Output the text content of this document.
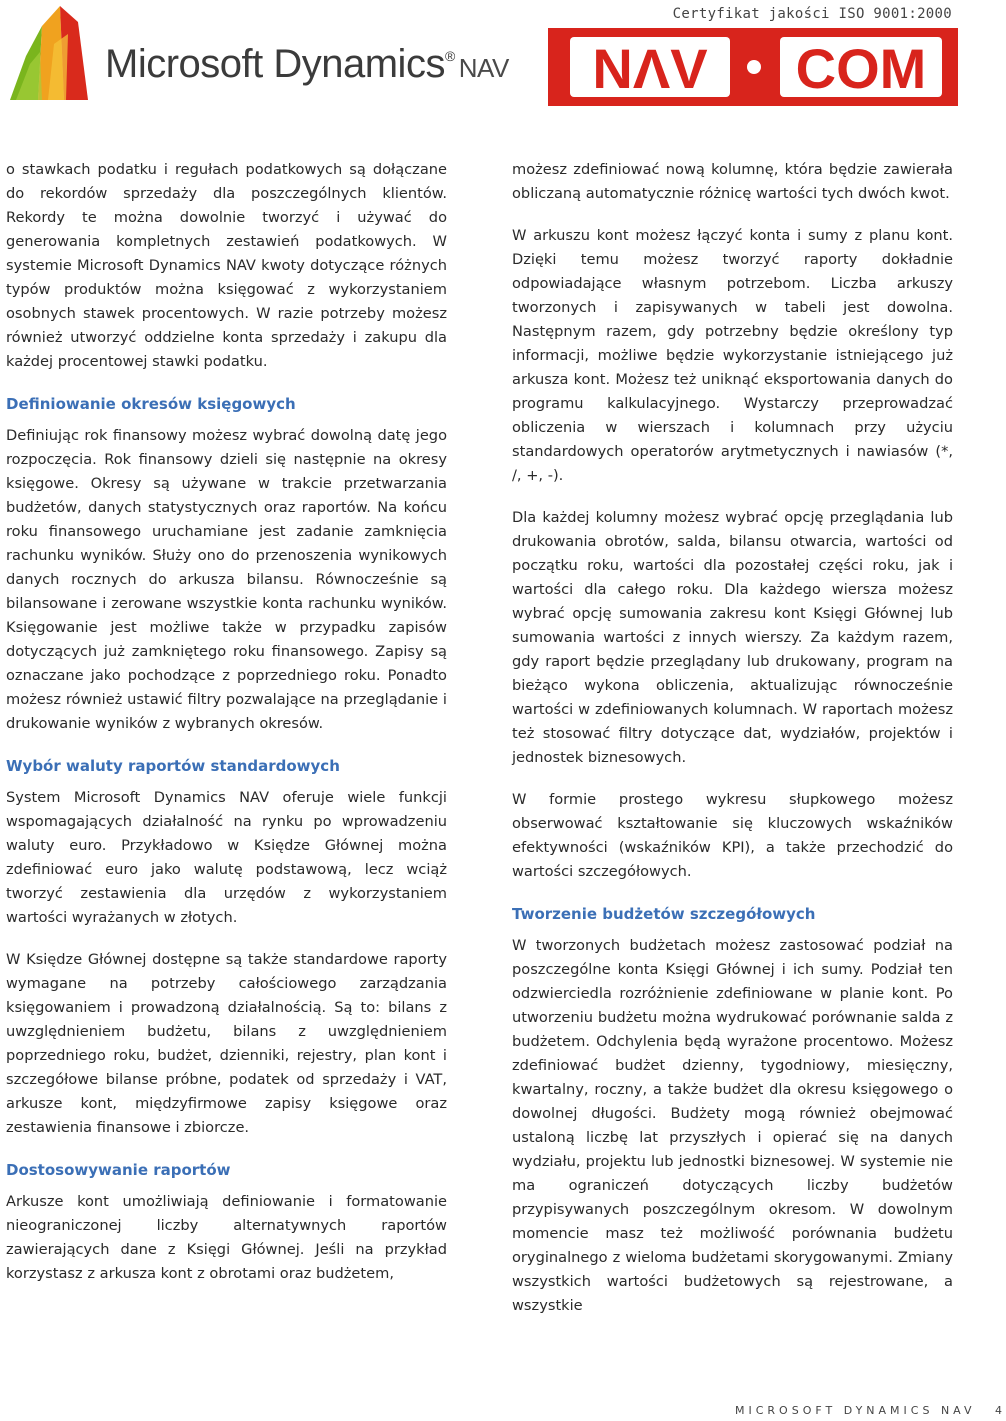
Microsoft Dynamics® NAV
Certyfikat jakości ISO 9001:2000
NΛV COM

o stawkach podatku i regułach podatkowych są dołączane do rekordów sprzedaży dla poszczególnych klientów. Rekordy te można dowolnie tworzyć i używać do generowania kompletnych zestawień podatkowych. W systemie Microsoft Dynamics NAV kwoty dotyczące różnych typów produktów można księgować z wykorzystaniem osobnych stawek procentowych. W razie potrzeby możesz również utworzyć oddzielne konta sprzedaży i zakupu dla każdej procentowej stawki podatku.

Definiowanie okresów księgowych

Definiując rok finansowy możesz wybrać dowolną datę jego rozpoczęcia. Rok finansowy dzieli się następnie na okresy księgowe. Okresy są używane w trakcie przetwarzania budżetów, danych statystycznych oraz raportów. Na końcu roku finansowego uruchamiane jest zadanie zamknięcia rachunku wyników. Służy ono do przenoszenia wynikowych danych rocznych do arkusza bilansu. Równocześnie są bilansowane i zerowane wszystkie konta rachunku wyników. Księgowanie jest możliwe także w przypadku zapisów dotyczących już zamkniętego roku finansowego. Zapisy są oznaczane jako pochodzące z poprzedniego roku. Ponadto możesz również ustawić filtry pozwalające na przeglądanie i drukowanie wyników z wybranych okresów.

Wybór waluty raportów standardowych

System Microsoft Dynamics NAV oferuje wiele funkcji wspomagających działalność na rynku po wprowadzeniu waluty euro. Przykładowo w Księdze Głównej można zdefiniować euro jako walutę podstawową, lecz wciąż tworzyć zestawienia dla urzędów z wykorzystaniem wartości wyrażanych w złotych.

W Księdze Głównej dostępne są także standardowe raporty wymagane na potrzeby całościowego zarządzania księgowaniem i prowadzoną działalnością. Są to: bilans z uwzględnieniem budżetu, bilans z uwzględnieniem poprzedniego roku, budżet, dzienniki, rejestry, plan kont i szczegółowe bilanse próbne, podatek od sprzedaży i VAT, arkusze kont, międzyfirmowe zapisy księgowe oraz zestawienia finansowe i zbiorcze.

Dostosowywanie raportów

Arkusze kont umożliwiają definiowanie i formatowanie nieograniczonej liczby alternatywnych raportów zawierających dane z Księgi Głównej. Jeśli na przykład korzystasz z arkusza kont z obrotami oraz budżetem,

możesz zdefiniować nową kolumnę, która będzie zawierała obliczaną automatycznie różnicę wartości tych dwóch kwot.

W arkuszu kont możesz łączyć konta i sumy z planu kont. Dzięki temu możesz tworzyć raporty dokładnie odpowiadające własnym potrzebom. Liczba arkuszy tworzonych i zapisywanych w tabeli jest dowolna. Następnym razem, gdy potrzebny będzie określony typ informacji, możliwe będzie wykorzystanie istniejącego już arkusza kont. Możesz też uniknąć eksportowania danych do programu kalkulacyjnego. Wystarczy przeprowadzać obliczenia w wierszach i kolumnach przy użyciu standardowych operatorów arytmetycznych i nawiasów (*, /, +, -).

Dla każdej kolumny możesz wybrać opcję przeglądania lub drukowania obrotów, salda, bilansu otwarcia, wartości od początku roku, wartości dla pozostałej części roku, jak i wartości dla całego roku. Dla każdego wiersza możesz wybrać opcję sumowania zakresu kont Księgi Głównej lub sumowania wartości z innych wierszy. Za każdym razem, gdy raport będzie przeglądany lub drukowany, program na bieżąco wykona obliczenia, aktualizując równocześnie wartości w zdefiniowanych kolumnach. W raportach możesz też stosować filtry dotyczące dat, wydziałów, projektów i jednostek biznesowych.

W formie prostego wykresu słupkowego możesz obserwować kształtowanie się kluczowych wskaźników efektywności (wskaźników KPI), a także przechodzić do wartości szczegółowych.

Tworzenie budżetów szczegółowych

W tworzonych budżetach możesz zastosować podział na poszczególne konta Księgi Głównej i ich sumy. Podział ten odzwierciedla rozróżnienie zdefiniowane w planie kont. Po utworzeniu budżetu można wydrukować porównanie salda z budżetem. Odchylenia będą wyrażone procentowo. Możesz zdefiniować budżet dzienny, tygodniowy, miesięczny, kwartalny, roczny, a także budżet dla okresu księgowego o dowolnej długości. Budżety mogą również obejmować ustaloną liczbę lat przyszłych i opierać się na danych wydziału, projektu lub jednostki biznesowej. W systemie nie ma ograniczeń dotyczących liczby budżetów przypisywanych poszczególnym okresom. W dowolnym momencie masz też możliwość porównania budżetu oryginalnego z wieloma budżetami skorygowanymi. Zmiany wszystkich wartości budżetowych są rejestrowane, a wszystkie

MICROSOFT DYNAMICS NAV 4
